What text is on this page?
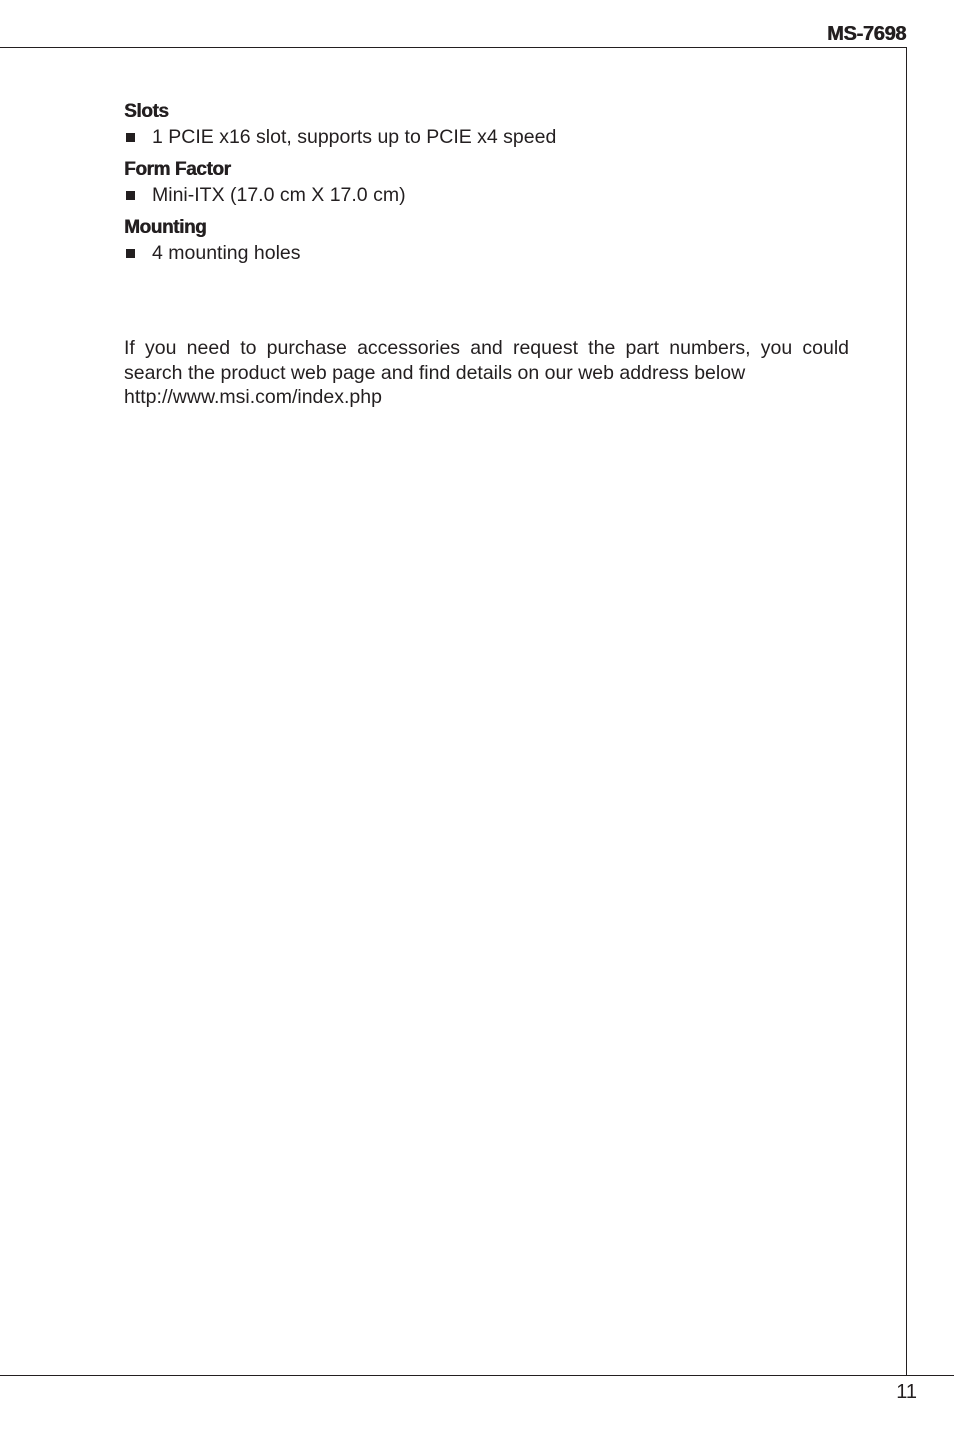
MS-7698
Slots
1 PCIE x16 slot, supports up to PCIE x4 speed
Form Factor
Mini-ITX (17.0 cm X 17.0 cm)
Mounting
4 mounting holes
If you need to purchase accessories and request the part numbers, you could
search the product web page and find details on our web address below
http://www.msi.com/index.php
11
